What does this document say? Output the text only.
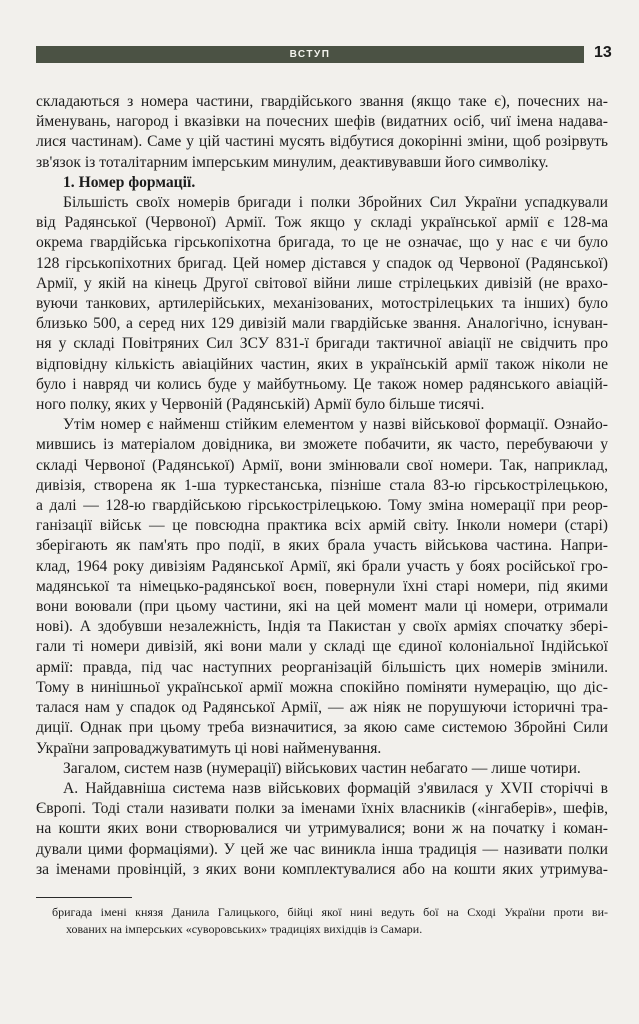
ВСТУП	13

складаються з номера частини, гвардійського звання (якщо таке є), почесних на-

йменувань, нагород і вказівки на почесних шефів (видатних осіб, чиї імена надава-

лися частинам). Саме у цій частині мусять відбутися докорінні зміни, щоб розірвуть

зв'язок із тоталітарним імперським минулим, деактивувавши його символіку.

1. Номер формації.

Більшість своїх номерів бригади і полки Збройних Сил України успадкували

від Радянської (Червоної) Армії. Тож якщо у складі української армії є 128-ма

окрема гвардійська гірськопіхотна бригада, то це не означає, що у нас є чи було

128 гірськопіхотних бригад. Цей номер дістався у спадок од Червоної (Радянської)

Армії, у якій на кінець Другої світової війни лише стрілецьких дивізій (не врахо-

вуючи танкових, артилерійських, механізованих, мотострілецьких та інших) було

близько 500, а серед них 129 дивізій мали гвардійське звання. Аналогічно, існуван-

ня у складі Повітряних Сил ЗСУ 831-ї бригади тактичної авіації не свідчить про

відповідну кількість авіаційних частин, яких в українській армії також ніколи не

було і навряд чи колись буде у майбутньому. Це також номер радянського авіацій-

ного полку, яких у Червоній (Радянській) Армії було більше тисячі.

Утім номер є найменш стійким елементом у назві військової формації. Ознайо-

мившись із матеріалом довідника, ви зможете побачити, як часто, перебуваючи у

складі Червоної (Радянської) Армії, вони змінювали свої номери. Так, наприклад,

дивізія, створена як 1-ша туркестанська, пізніше стала 83-ю гірськострілецькою,

а далі — 128-ю гвардійською гірськострілецькою. Тому зміна номерації при реор-

ганізації військ — це повсюдна практика всіх армій світу. Інколи номери (старі)

зберігають як пам'ять про події, в яких брала участь військова частина. Напри-

клад, 1964 року дивізіям Радянської Армії, які брали участь у боях російської гро-

мадянської та німецько-радянської воєн, повернули їхні старі номери, під якими

вони воювали (при цьому частини, які на цей момент мали ці номери, отримали

нові). А здобувши незалежність, Індія та Пакистан у своїх арміях спочатку зберi-

гали ті номери дивізій, які вони мали у складі ще єдиної колоніальної Індійської

армії: правда, під час наступних реорганізацій більшість цих номерів змінили.

Тому в нинішньої української армії можна спокійно поміняти нумерацію, що діс-

талася нам у спадок од Радянської Армії, — аж ніяк не порушуючи історичні тра-

диції. Однак при цьому треба визначитися, за якою саме системою Збройні Сили

України запроваджуватимуть ці нові найменування.

Загалом, систем назв (нумерації) військових частин небагато — лише чотири.

А. Найдавніша система назв військових формацій з'явилася у XVII сторіччі в

Європі. Тоді стали називати полки за іменами їхніх власників («інгаберів», шефів,

на кошти яких вони створювалися чи утримувалися; вони ж на початку і коман-

дували цими формаціями). У цей же час виникла інша традиція — називати полки

за іменами провінцій, з яких вони комплектувалися або на кошти яких утримува-

бригада імені князя Данила Галицького, бійці якої нині ведуть бої на Сході України проти ви-

хованих на імперських «суворовських» традиціях вихідців із Самари.
